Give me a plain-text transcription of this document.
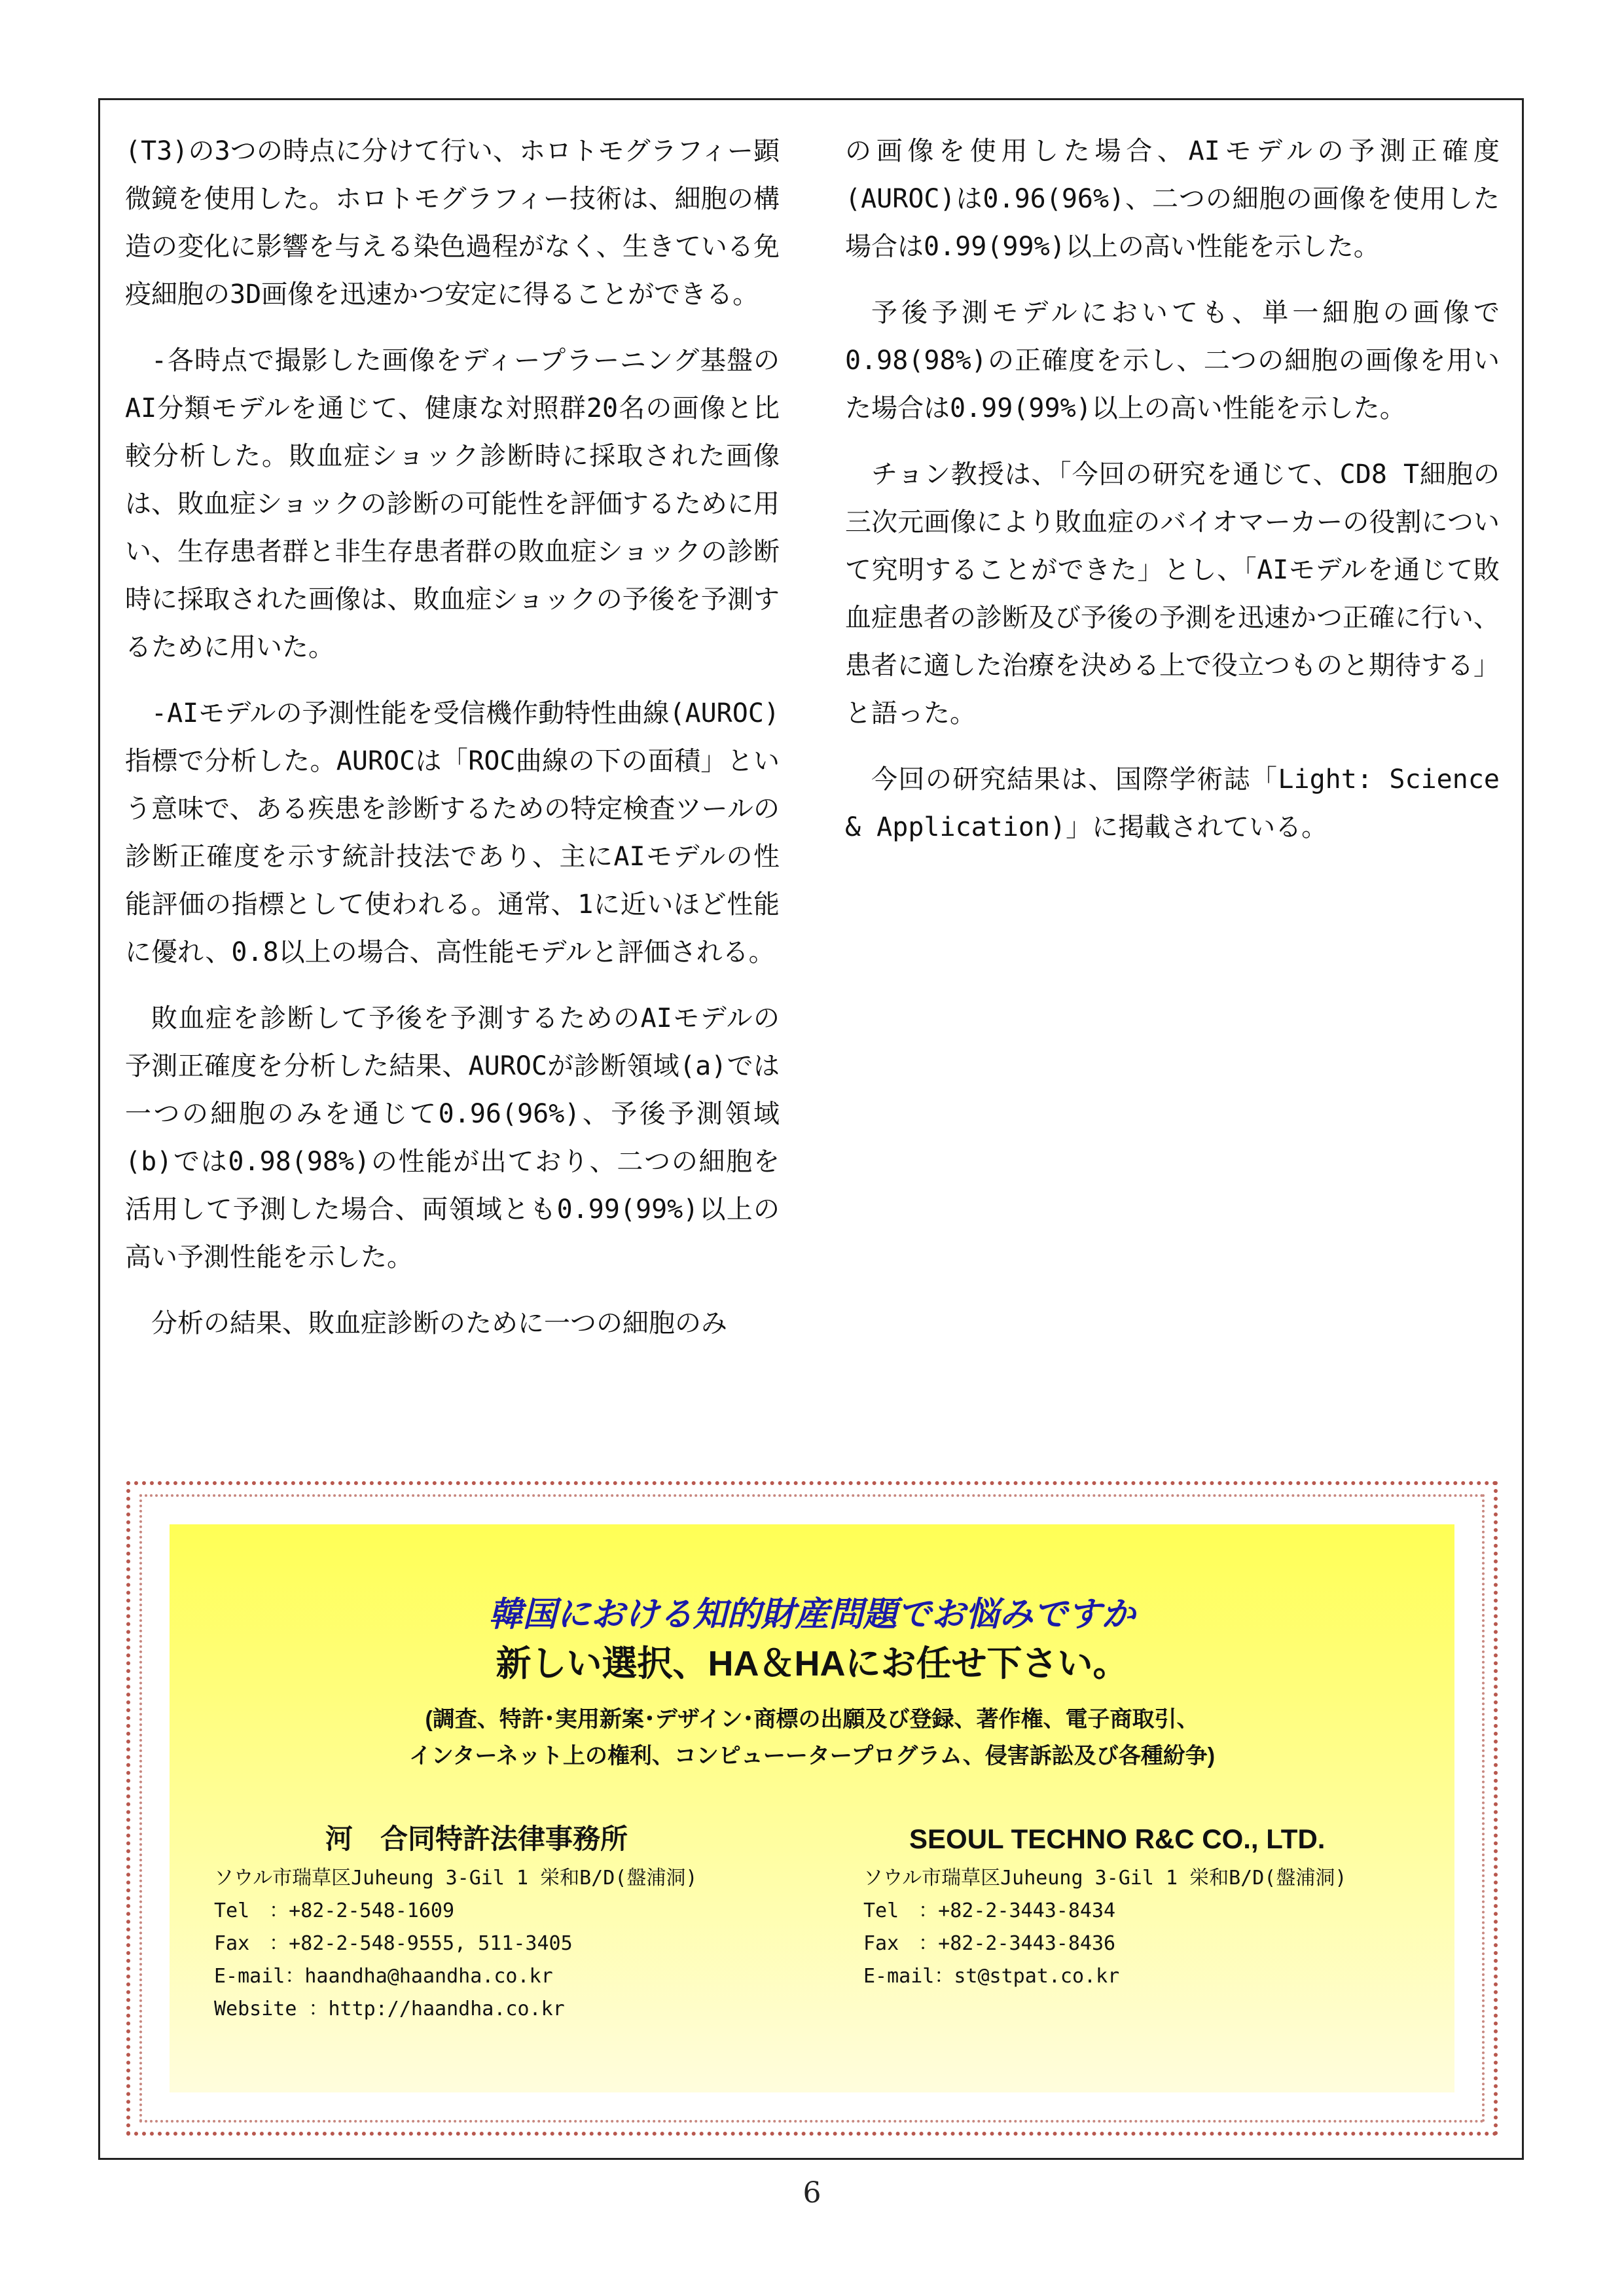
(T3)の3つの時点に分けて行い、ホロトモグラフィー顕微鏡を使用した。ホロトモグラフィー技術は、細胞の構造の変化に影響を与える染色過程がなく、生きている免疫細胞の3D画像を迅速かつ安定に得ることができる。

-各時点で撮影した画像をディープラーニング基盤のAI分類モデルを通じて、健康な対照群20名の画像と比較分析した。敗血症ショック診断時に採取された画像は、敗血症ショックの診断の可能性を評価するために用い、生存患者群と非生存患者群の敗血症ショックの診断時に採取された画像は、敗血症ショックの予後を予測するために用いた。

-AIモデルの予測性能を受信機作動特性曲線(AUROC)指標で分析した。AUROCは「ROC曲線の下の面積」という意味で、ある疾患を診断するための特定検査ツールの診断正確度を示す統計技法であり、主にAIモデルの性能評価の指標として使われる。通常、1に近いほど性能に優れ、0.8以上の場合、高性能モデルと評価される。

敗血症を診断して予後を予測するためのAIモデルの予測正確度を分析した結果、AUROCが診断領域(a)では一つの細胞のみを通じて0.96(96%)、予後予測領域(b)では0.98(98%)の性能が出ており、二つの細胞を活用して予測した場合、両領域とも0.99(99%)以上の高い予測性能を示した。

分析の結果、敗血症診断のために一つの細胞のみ

の画像を使用した場合、AIモデルの予測正確度(AUROC)は0.96(96%)、二つの細胞の画像を使用した場合は0.99(99%)以上の高い性能を示した。

予後予測モデルにおいても、単一細胞の画像で0.98(98%)の正確度を示し、二つの細胞の画像を用いた場合は0.99(99%)以上の高い性能を示した。

チョン教授は、「今回の研究を通じて、CD8 T細胞の三次元画像により敗血症のバイオマーカーの役割について究明することができた」とし、「AIモデルを通じて敗血症患者の診断及び予後の予測を迅速かつ正確に行い、患者に適した治療を決める上で役立つものと期待する」と語った。

今回の研究結果は、国際学術誌「Light: Science & Application)」に掲載されている。

韓国における知的財産問題でお悩みですか
新しい選択、HA＆HAにお任せ下さい。
(調査、特許･実用新案･デザイン･商標の出願及び登録、著作権、電子商取引、
インターネット上の権利、コンピューータープログラム、侵害訴訟及び各種紛争)
河　合同特許法律事務所
ソウル市瑞草区Juheung 3-Gil 1 栄和B/D(盤浦洞)
Tel　：+82-2-548-1609
Fax　：+82-2-548-9555, 511-3405
E-mail：haandha@haandha.co.kr
Website ：http://haandha.co.kr
SEOUL TECHNO R&C CO., LTD.
ソウル市瑞草区Juheung 3-Gil 1 栄和B/D(盤浦洞)
Tel　：+82-2-3443-8434
Fax　：+82-2-3443-8436
E-mail：st@stpat.co.kr
6
